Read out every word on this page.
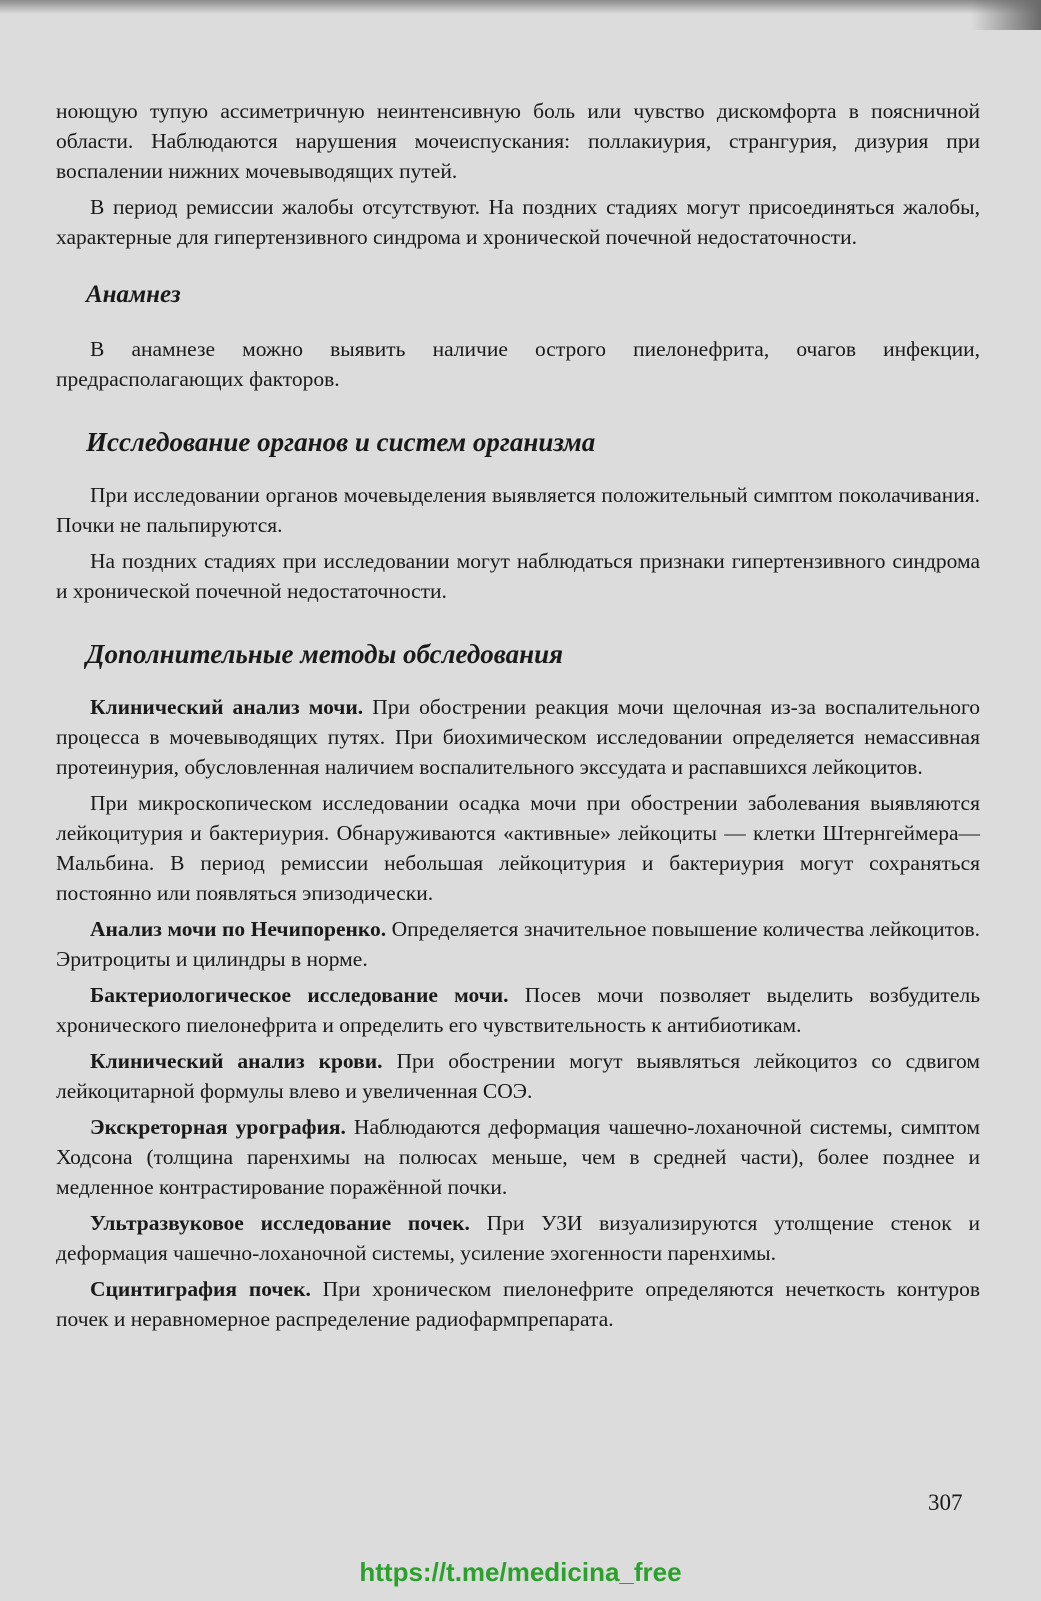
ноющую тупую ассиметричную неинтенсивную боль или чувство дискомфорта в поясничной области. Наблюдаются нарушения мочеиспускания: поллакиурия, странгурия, дизурия при воспалении нижних мочевыводящих путей.

В период ремиссии жалобы отсутствуют. На поздних стадиях могут присоединяться жалобы, характерные для гипертензивного синдрома и хронической почечной недостаточности.

Анамнез

В анамнезе можно выявить наличие острого пиелонефрита, очагов инфекции, предрасполагающих факторов.

Исследование органов и систем организма

При исследовании органов мочевыделения выявляется положительный симптом поколачивания. Почки не пальпируются.

На поздних стадиях при исследовании могут наблюдаться признаки гипертензивного синдрома и хронической почечной недостаточности.

Дополнительные методы обследования

Клинический анализ мочи. При обострении реакция мочи щелочная из-за воспалительного процесса в мочевыводящих путях. При биохимическом исследовании определяется немассивная протеинурия, обусловленная наличием воспалительного экссудата и распавшихся лейкоцитов.

При микроскопическом исследовании осадка мочи при обострении заболевания выявляются лейкоцитурия и бактериурия. Обнаруживаются «активные» лейкоциты — клетки Штернгеймера—Мальбина. В период ремиссии небольшая лейкоцитурия и бактериурия могут сохраняться постоянно или появляться эпизодически.

Анализ мочи по Нечипоренко. Определяется значительное повышение количества лейкоцитов. Эритроциты и цилиндры в норме.

Бактериологическое исследование мочи. Посев мочи позволяет выделить возбудитель хронического пиелонефрита и определить его чувствительность к антибиотикам.

Клинический анализ крови. При обострении могут выявляться лейкоцитоз со сдвигом лейкоцитарной формулы влево и увеличенная СОЭ.

Экскреторная урография. Наблюдаются деформация чашечно-лоханочной системы, симптом Ходсона (толщина паренхимы на полюсах меньше, чем в средней части), более позднее и медленное контрастирование поражённой почки.

Ультразвуковое исследование почек. При УЗИ визуализируются утолщение стенок и деформация чашечно-лоханочной системы, усиление эхогенности паренхимы.

Сцинтиграфия почек. При хроническом пиелонефрите определяются нечеткость контуров почек и неравномерное распределение радиофармпрепарата.

307
https://t.me/medicina_free
